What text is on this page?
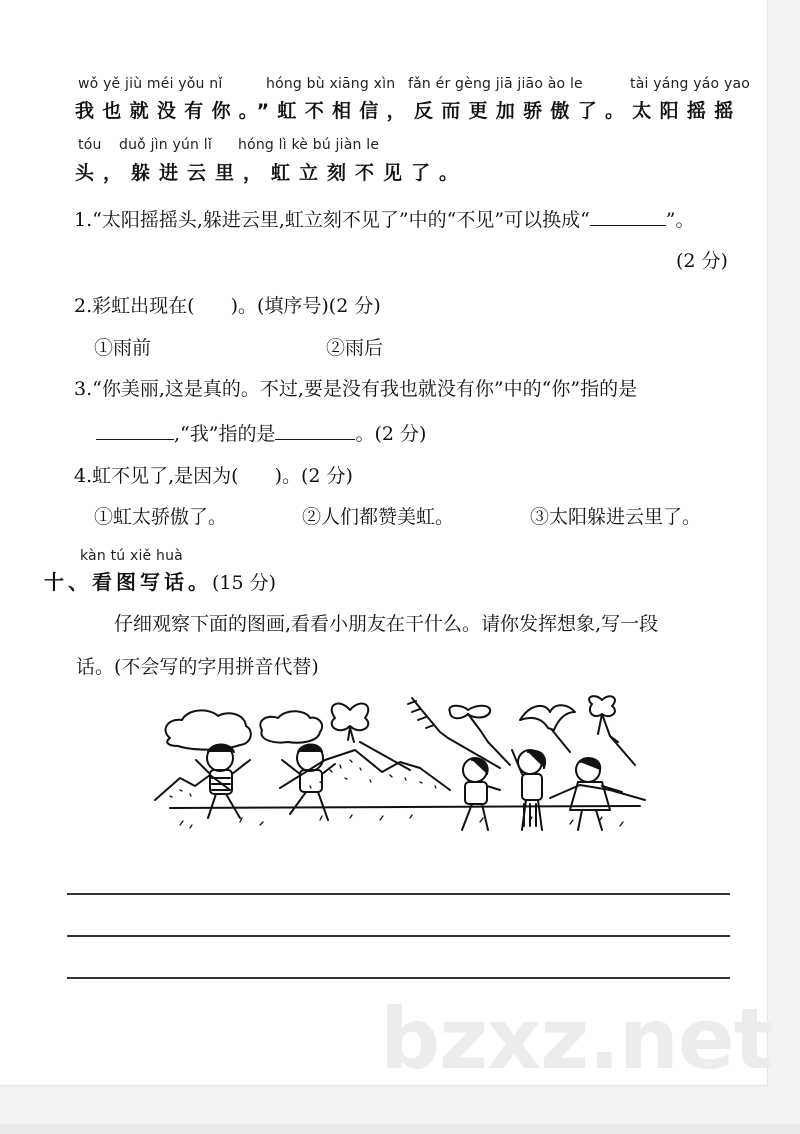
wǒ yě jiù méi yǒu nǐ	hóng bù xiāng xìn fǎn ér gèng jiā jiāo ào le	tài yáng yáo yao
我也就没有你。”虹不相信，反而更加骄傲了。太阳摇摇
tóu duǒ jìn yún lǐ hóng lì kè bú jiàn le
头，躲进云里，虹立刻不见了。
1.“太阳摇摇头,躲进云里,虹立刻不见了”中的“不见”可以换成“	”。
(2 分)
2.彩虹出现在( )。(填序号)(2 分)
①雨前	②雨后
3.“你美丽,这是真的。不过,要是没有我也就没有你”中的“你”指的是
,“我”指的是	。(2 分)
4.虹不见了,是因为( )。(2 分)
①虹太骄傲了。	②人们都赞美虹。	③太阳躲进云里了。
kàn tú xiě huà
十、看图写话。(15 分)
仔细观察下面的图画,看看小朋友在干什么。请你发挥想象,写一段
话。(不会写的字用拼音代替)
bzxz.net
